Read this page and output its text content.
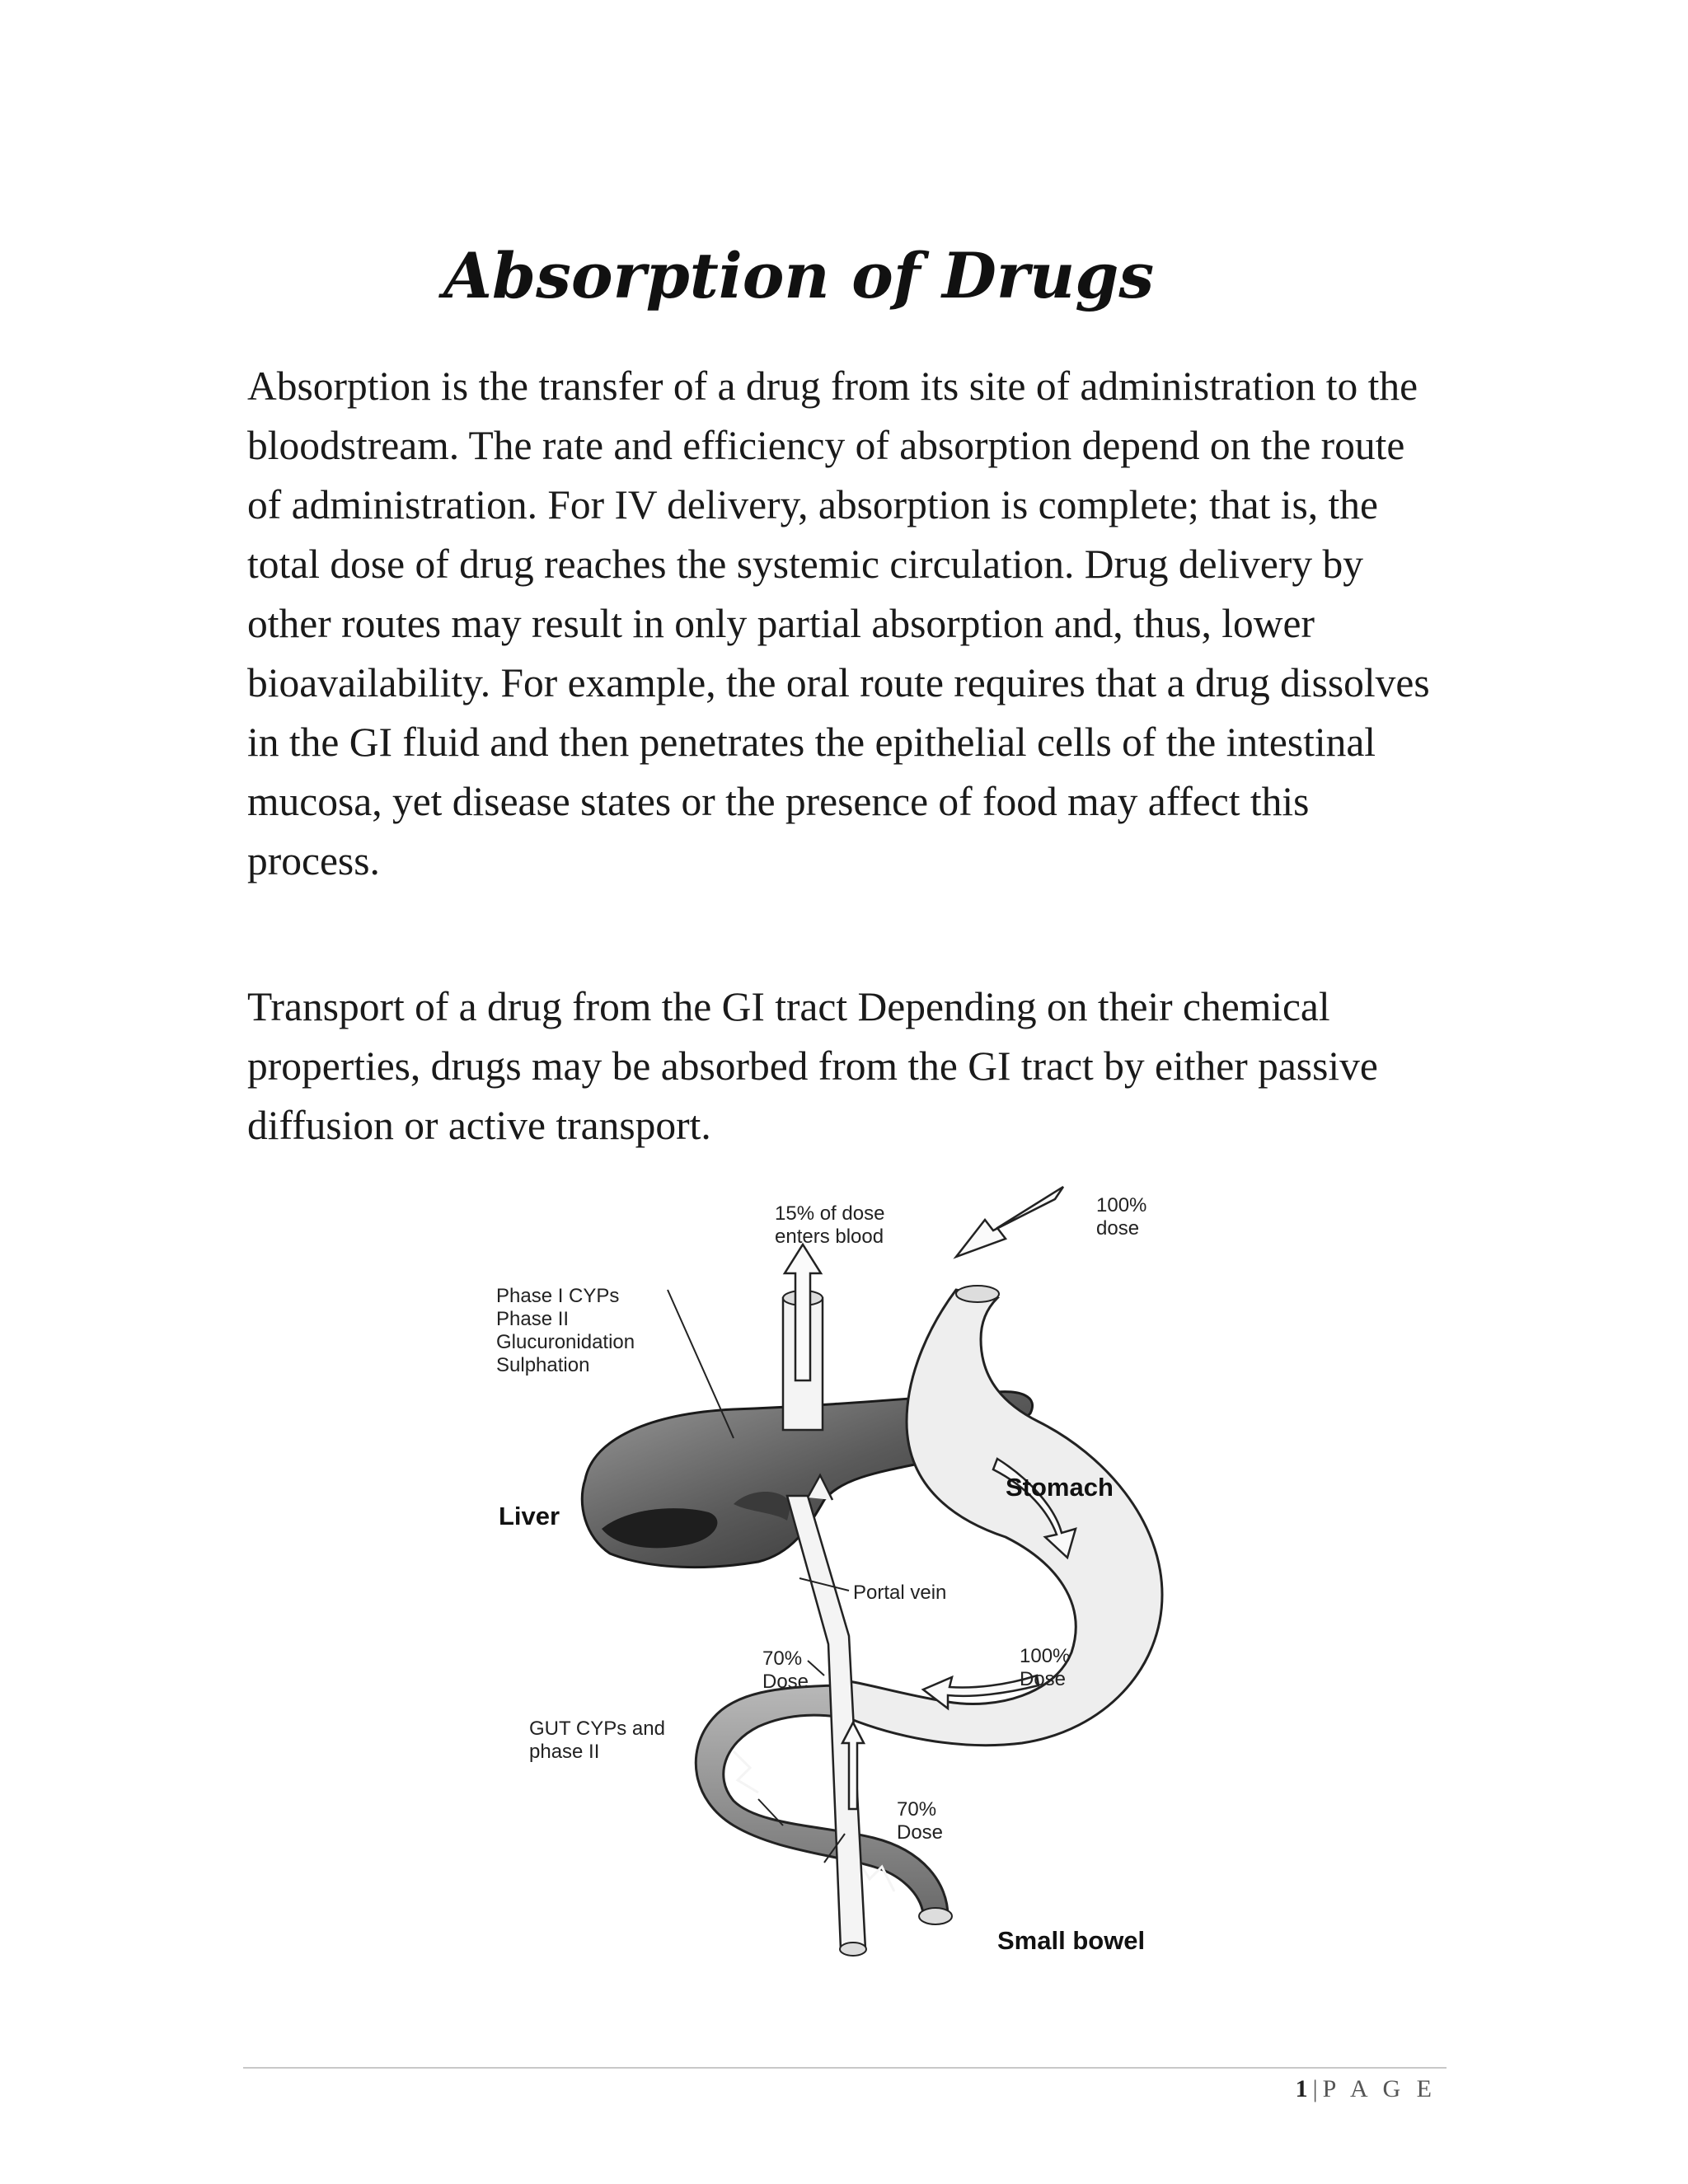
Absorption of Drugs

Absorption is the transfer of a drug from its site of administration to the bloodstream. The rate and efficiency of absorption depend on the route of administration. For IV delivery, absorption is complete; that is, the total dose of drug reaches the systemic circulation. Drug delivery by other routes may result in only partial absorption and, thus, lower bioavailability. For example, the oral route requires that a drug dissolves in the GI fluid and then penetrates the epithelial cells of the intestinal mucosa, yet disease states or the presence of food may affect this process.

Transport of a drug from the GI tract Depending on their chemical properties, drugs may be absorbed from the GI tract by either passive diffusion or active transport.

15% of dose
enters blood
100%
dose
Phase I CYPs
Phase II
Glucuronidation
Sulphation
Liver
Stomach
Portal vein
70%
Dose
100%
Dose
GUT CYPs and
phase II
70%
Dose
Small bowel
1|P A G E
